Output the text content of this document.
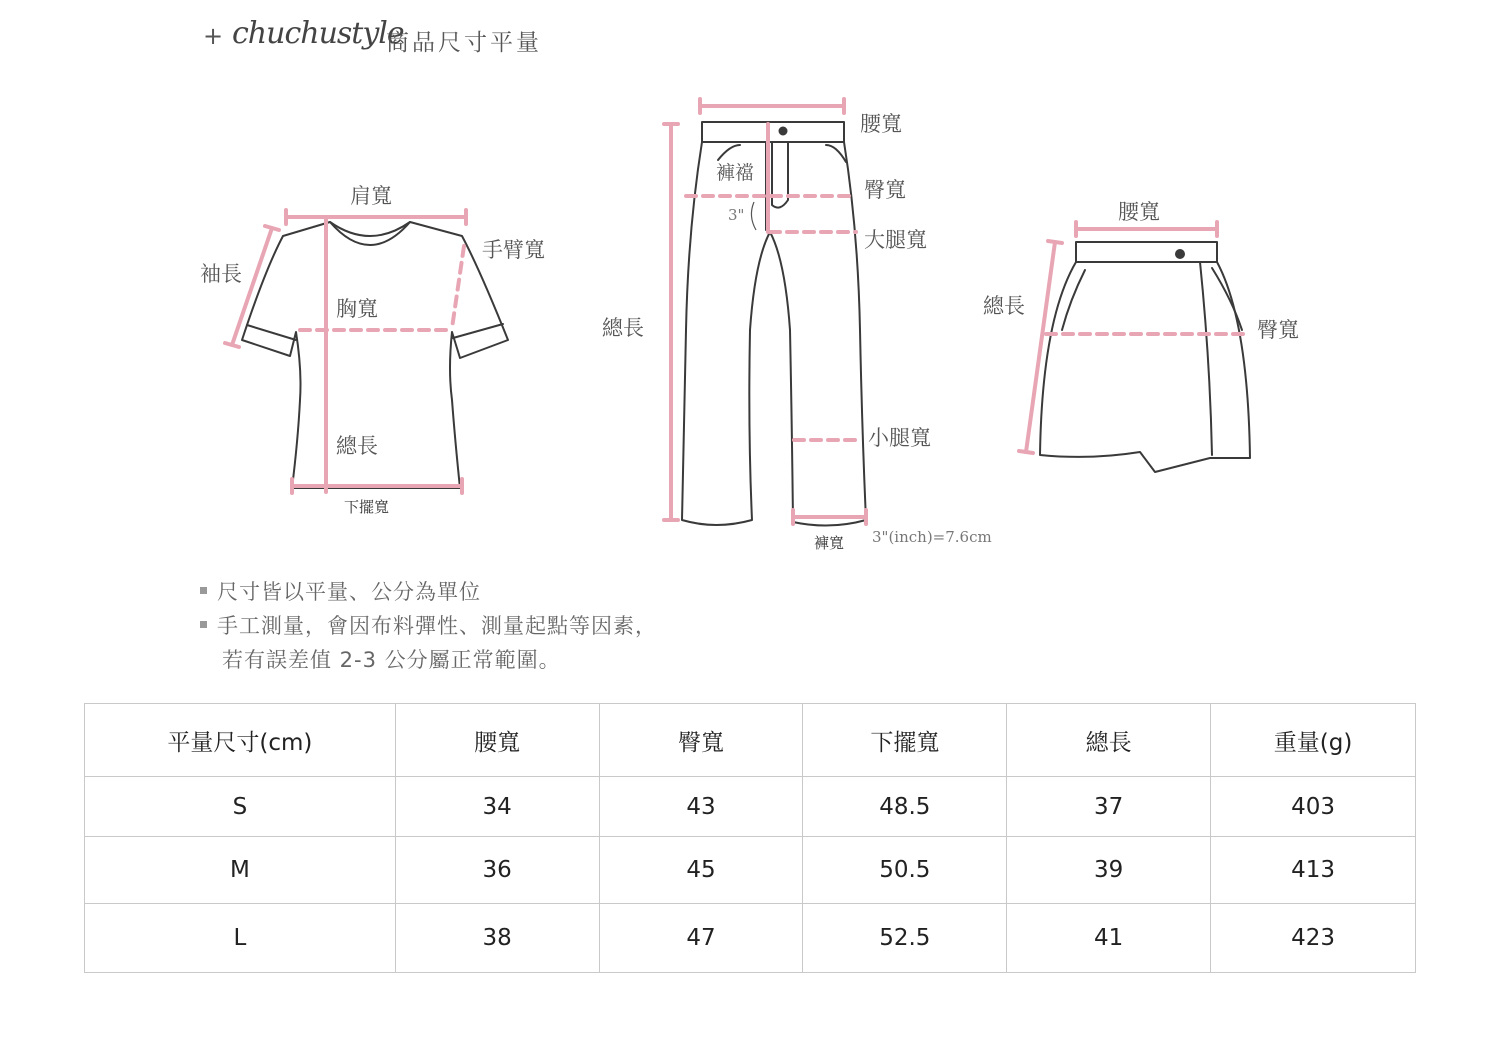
+ chuchustyle
商品尺寸平量
肩寬
袖長
手臂寬
胸寬
總長
下擺寬
腰寬
褲襠
3"
臀寬
大腿寬
總長
小腿寬
褲寬 3"(inch)=7.6cm
腰寬
總長
臀寬
尺寸皆以平量、公分為單位
手工測量，會因布料彈性、測量起點等因素，
若有誤差值 2-3 公分屬正常範圍。
平量尺寸(cm)	腰寬	臀寬	下擺寬	總長	重量(g)
S	34	43	48.5	37	403
M	36	45	50.5	39	413
L	38	47	52.5	41	423
